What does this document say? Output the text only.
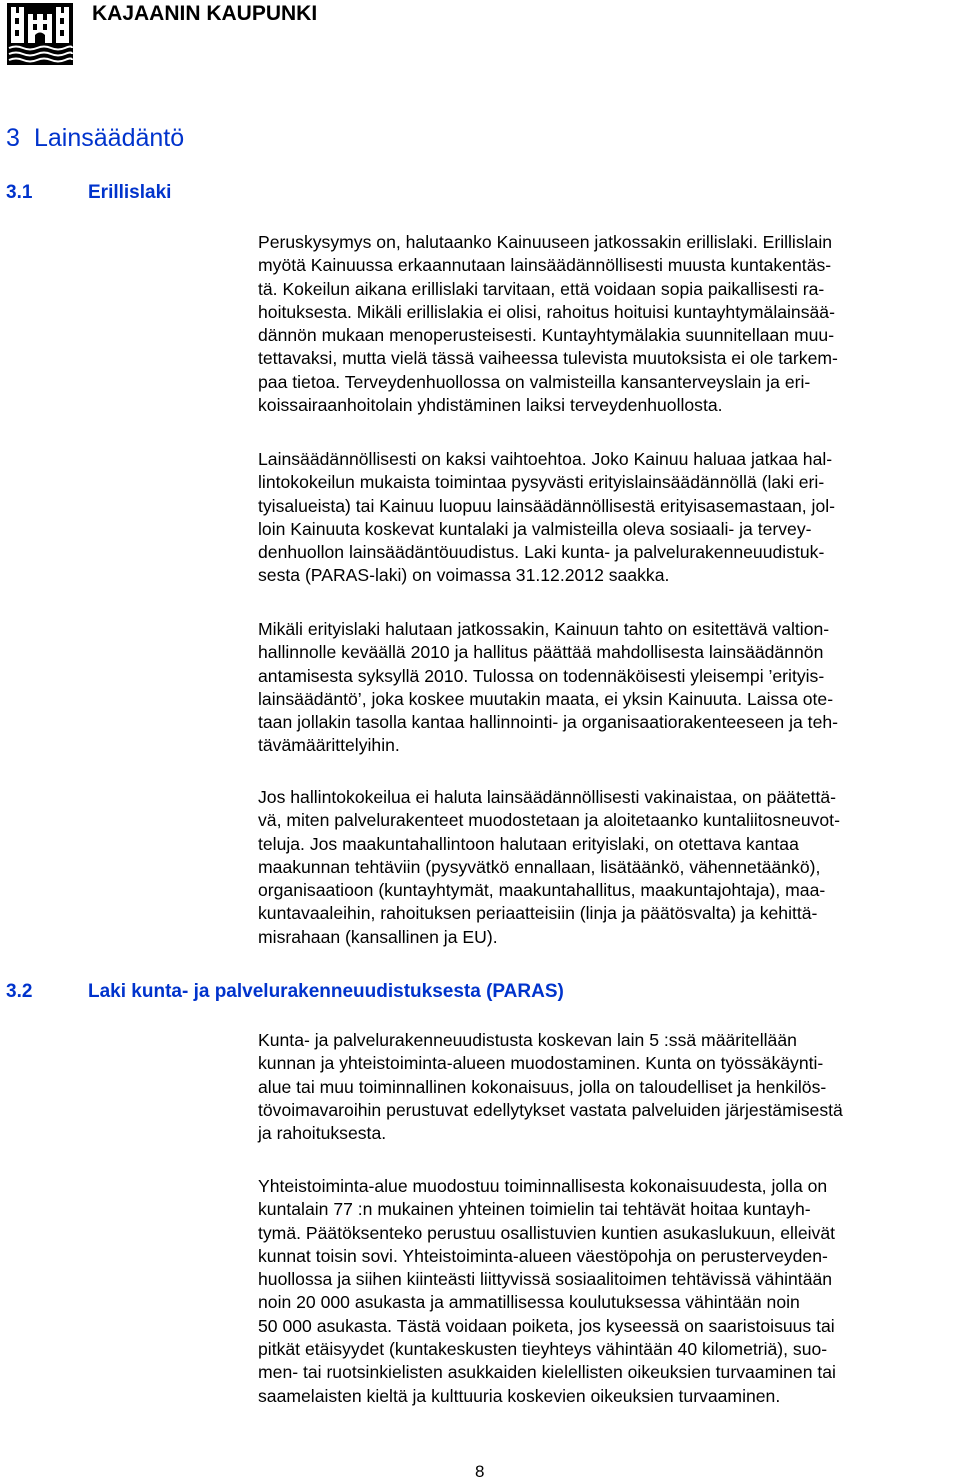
KAJAANIN KAUPUNKI
3 Lainsäädäntö
3.1	Erillislaki
Peruskysymys on, halutaanko Kainuuseen jatkossakin erillislaki. Erillislain
myötä Kainuussa erkaannutaan lainsäädännöllisesti muusta kuntakentäs-
tä. Kokeilun aikana erillislaki tarvitaan, että voidaan sopia paikallisesti ra-
hoituksesta. Mikäli erillislakia ei olisi, rahoitus hoituisi kuntayhtymälainsää-
dännön mukaan menoperusteisesti. Kuntayhtymälakia suunnitellaan muu-
tettavaksi, mutta vielä tässä vaiheessa tulevista muutoksista ei ole tarkem-
paa tietoa. Terveydenhuollossa on valmisteilla kansanterveyslain ja eri-
koissairaanhoitolain yhdistäminen laiksi terveydenhuollosta.
Lainsäädännöllisesti on kaksi vaihtoehtoa. Joko Kainuu haluaa jatkaa hal-
lintokokeilun mukaista toimintaa pysyvästi erityislainsäädännöllä (laki eri-
tyisalueista) tai Kainuu luopuu lainsäädännöllisestä erityisasemastaan, jol-
loin Kainuuta koskevat kuntalaki ja valmisteilla oleva sosiaali- ja tervey-
denhuollon lainsäädäntöuudistus. Laki kunta- ja palvelurakenneuudistuk-
sesta (PARAS-laki) on voimassa 31.12.2012 saakka.
Mikäli erityislaki halutaan jatkossakin, Kainuun tahto on esitettävä valtion-
hallinnolle keväällä 2010 ja hallitus päättää mahdollisesta lainsäädännön
antamisesta syksyllä 2010. Tulossa on todennäköisesti yleisempi ’erityis-
lainsäädäntö’, joka koskee muutakin maata, ei yksin Kainuuta. Laissa ote-
taan jollakin tasolla kantaa hallinnointi- ja organisaatiorakenteeseen ja teh-
tävämäärittelyihin.
Jos hallintokokeilua ei haluta lainsäädännöllisesti vakinaistaa, on päätettä-
vä, miten palvelurakenteet muodostetaan ja aloitetaanko kuntaliitosneuvot-
teluja. Jos maakuntahallintoon halutaan erityislaki, on otettava kantaa
maakunnan tehtäviin (pysyvätkö ennallaan, lisätäänkö, vähennetäänkö),
organisaatioon (kuntayhtymät, maakuntahallitus, maakuntajohtaja), maa-
kuntavaaleihin, rahoituksen periaatteisiin (linja ja päätösvalta) ja kehittä-
misrahaan (kansallinen ja EU).
3.2	Laki kunta- ja palvelurakenneuudistuksesta (PARAS)
Kunta- ja palvelurakenneuudistusta koskevan lain 5 :ssä määritellään
kunnan ja yhteistoiminta-alueen muodostaminen. Kunta on työssäkäynti-
alue tai muu toiminnallinen kokonaisuus, jolla on taloudelliset ja henkilös-
tövoimavaroihin perustuvat edellytykset vastata palveluiden järjestämisestä
ja rahoituksesta.
Yhteistoiminta-alue muodostuu toiminnallisesta kokonaisuudesta, jolla on
kuntalain 77 :n mukainen yhteinen toimielin tai tehtävät hoitaa kuntayh-
tymä. Päätöksenteko perustuu osallistuvien kuntien asukaslukuun, elleivät
kunnat toisin sovi. Yhteistoiminta-alueen väestöpohja on perusterveyden-
huollossa ja siihen kiinteästi liittyvissä sosiaalitoimen tehtävissä vähintään
noin 20 000 asukasta ja ammatillisessa koulutuksessa vähintään noin
50 000 asukasta. Tästä voidaan poiketa, jos kyseessä on saaristoisuus tai
pitkät etäisyydet (kuntakeskusten tieyhteys vähintään 40 kilometriä), suo-
men- tai ruotsinkielisten asukkaiden kielellisten oikeuksien turvaaminen tai
saamelaisten kieltä ja kulttuuria koskevien oikeuksien turvaaminen.
8
